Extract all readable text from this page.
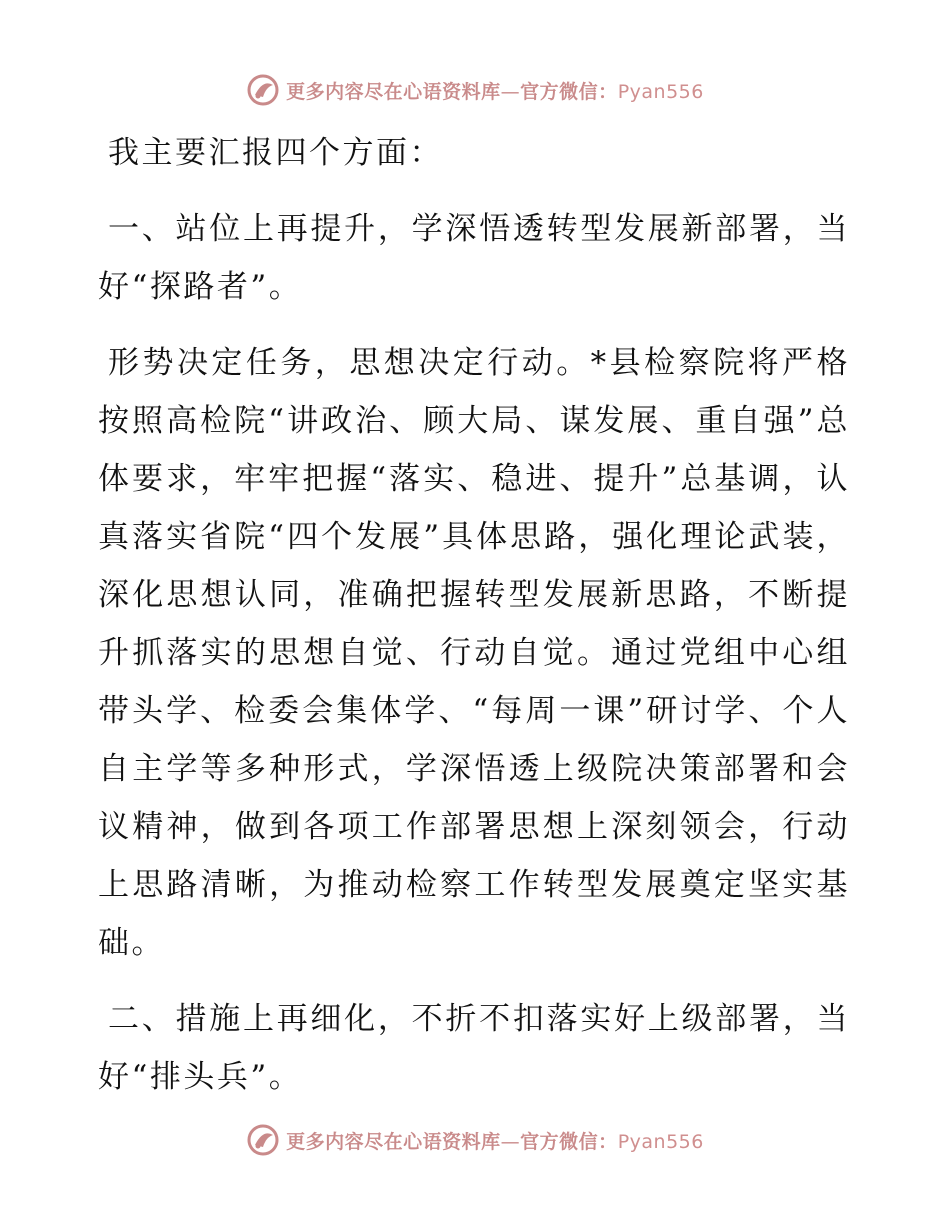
更多内容尽在心语资料库—官方微信：Pyan556

我主要汇报四个方面：

一、站位上再提升，学深悟透转型发展新部署，当好“探路者”。

形势决定任务，思想决定行动。*县检察院将严格按照高检院“讲政治、顾大局、谋发展、重自强”总体要求，牢牢把握“落实、稳进、提升”总基调，认真落实省院“四个发展”具体思路，强化理论武装，深化思想认同，准确把握转型发展新思路，不断提升抓落实的思想自觉、行动自觉。通过党组中心组带头学、检委会集体学、“每周一课”研讨学、个人自主学等多种形式，学深悟透上级院决策部署和会议精神，做到各项工作部署思想上深刻领会，行动上思路清晰，为推动检察工作转型发展奠定坚实基础。

二、措施上再细化，不折不扣落实好上级部署，当好“排头兵”。

更多内容尽在心语资料库—官方微信：Pyan556
